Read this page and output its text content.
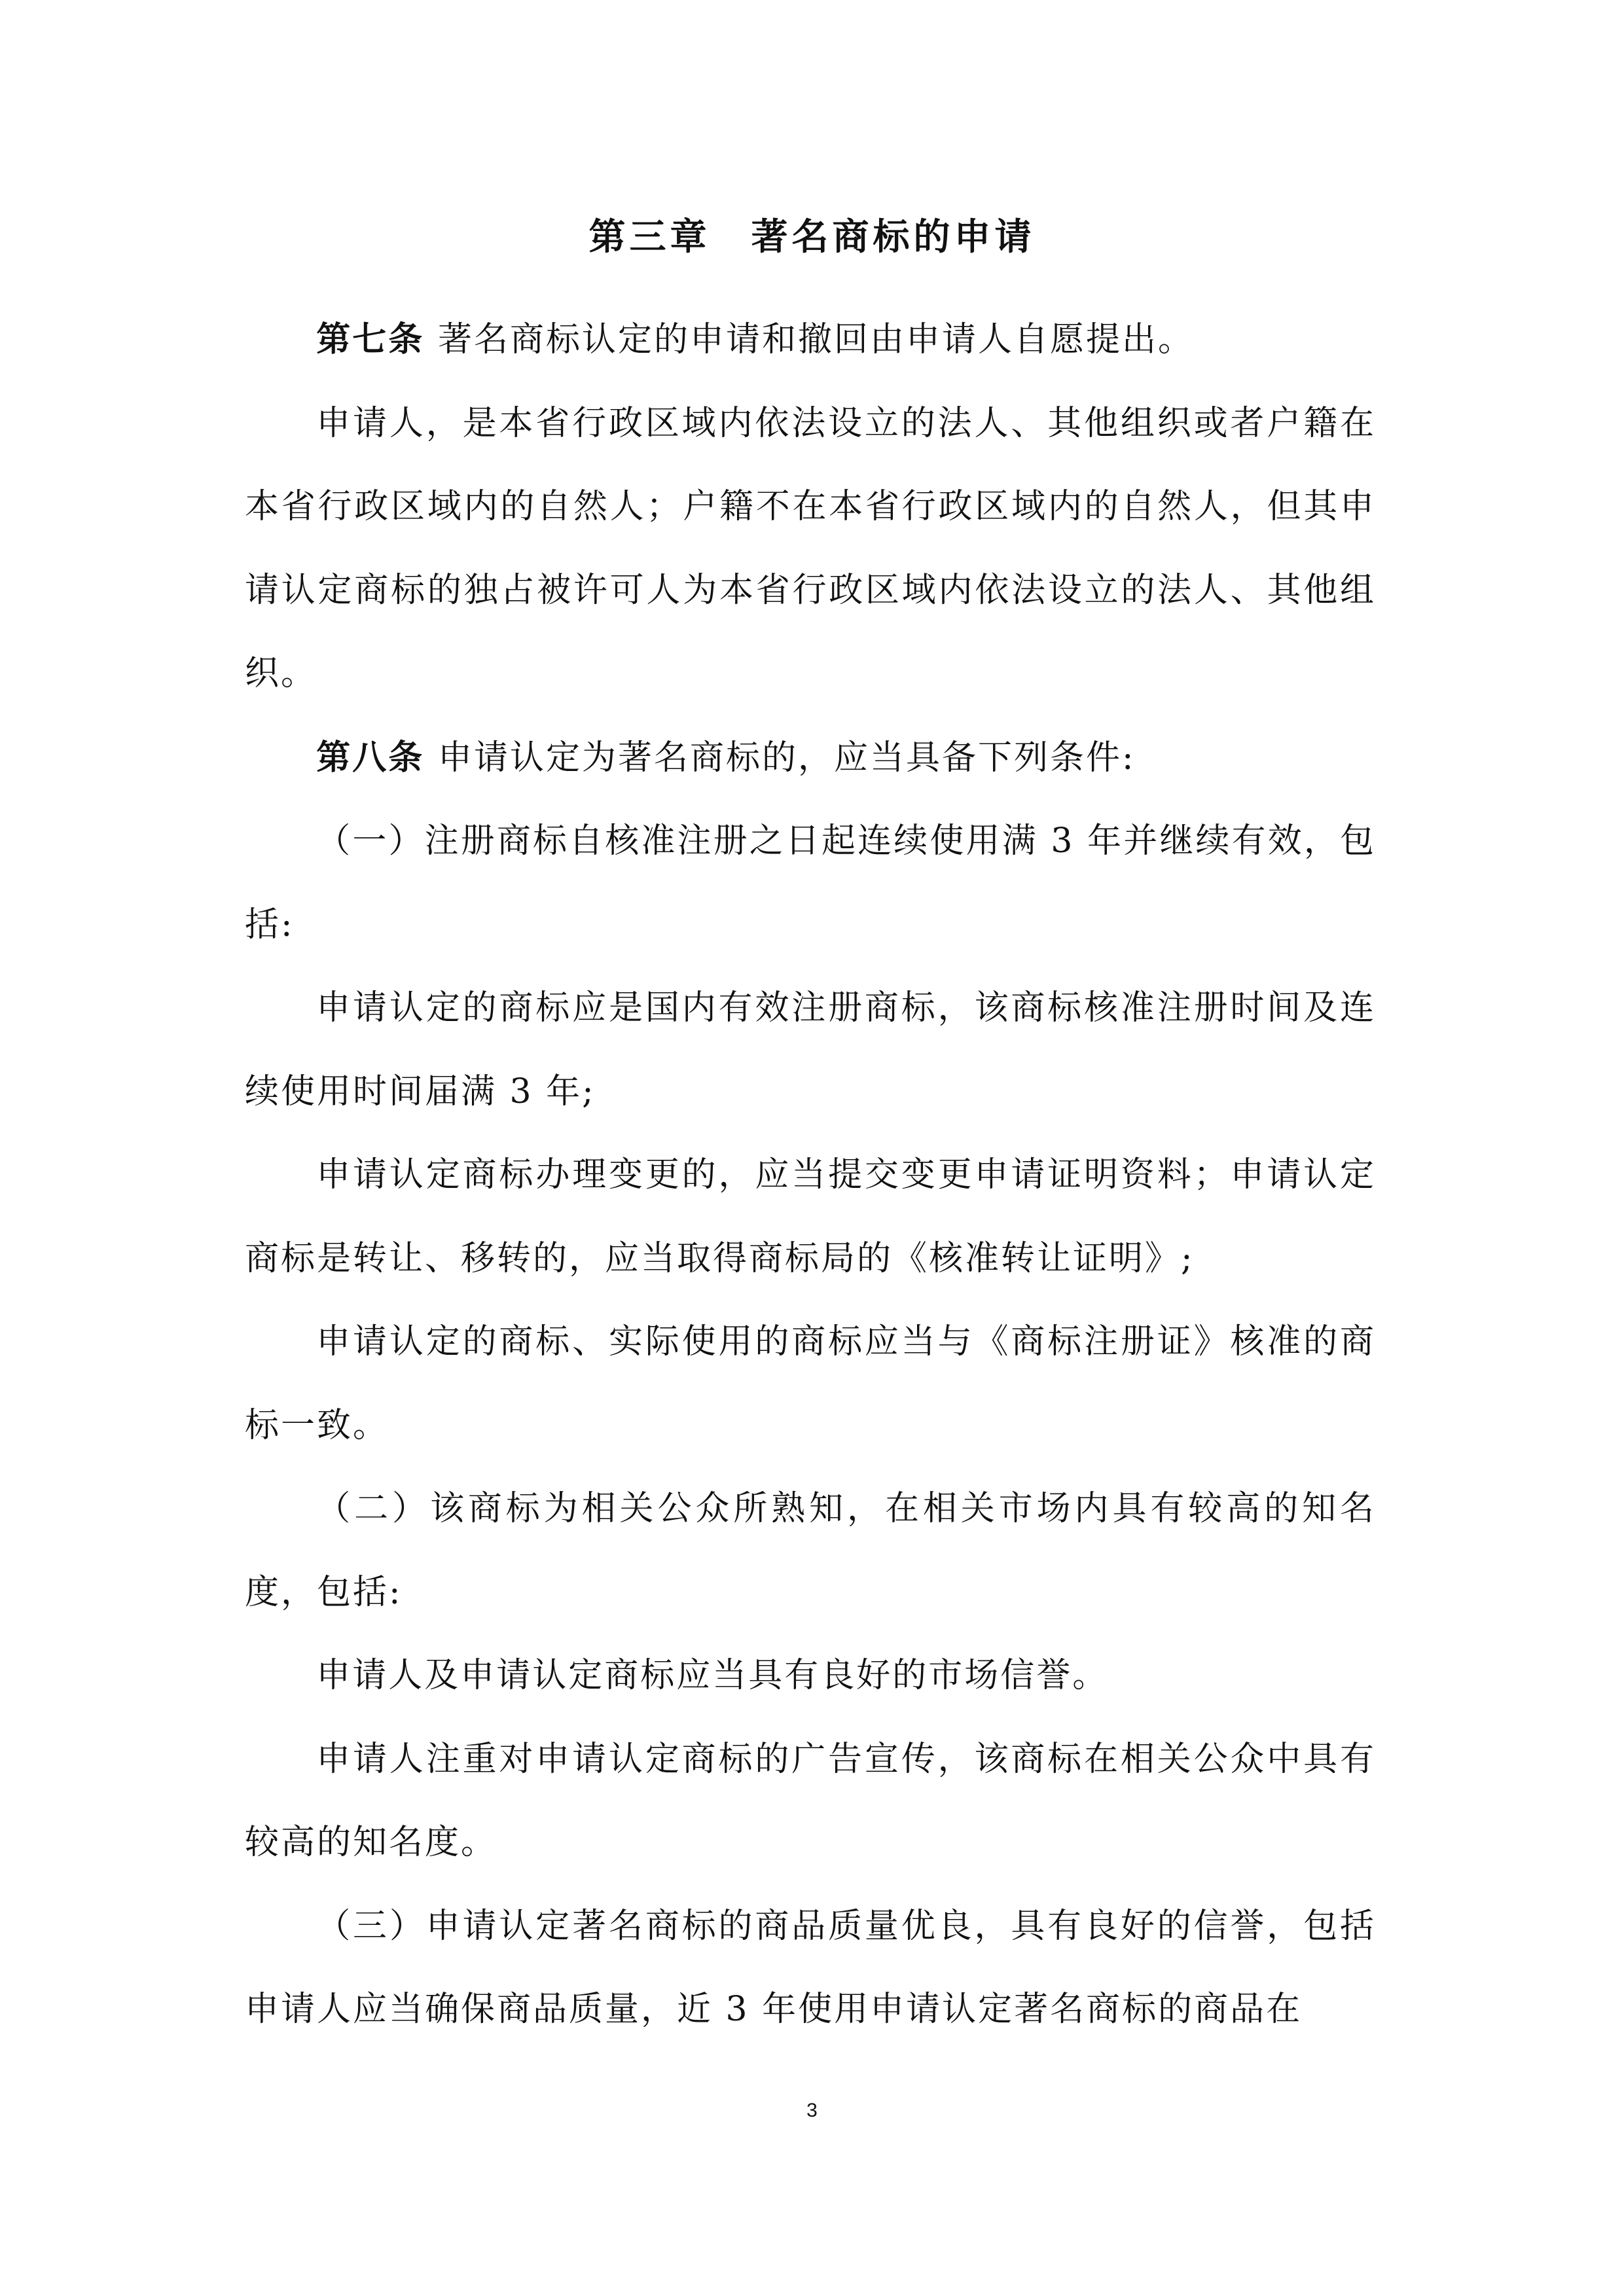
第三章　著名商标的申请

第七条 著名商标认定的申请和撤回由申请人自愿提出。

申请人，是本省行政区域内依法设立的法人、其他组织或者户籍在本省行政区域内的自然人；户籍不在本省行政区域内的自然人，但其申请认定商标的独占被许可人为本省行政区域内依法设立的法人、其他组织。

第八条 申请认定为著名商标的，应当具备下列条件:

（一）注册商标自核准注册之日起连续使用满 3 年并继续有效，包括:

申请认定的商标应是国内有效注册商标，该商标核准注册时间及连续使用时间届满 3 年;

申请认定商标办理变更的，应当提交变更申请证明资料；申请认定商标是转让、移转的，应当取得商标局的《核准转让证明》;

申请认定的商标、实际使用的商标应当与《商标注册证》核准的商标一致。

（二）该商标为相关公众所熟知，在相关市场内具有较高的知名度，包括:

申请人及申请认定商标应当具有良好的市场信誉。

申请人注重对申请认定商标的广告宣传，该商标在相关公众中具有较高的知名度。

（三）申请认定著名商标的商品质量优良，具有良好的信誉，包括申请人应当确保商品质量，近 3 年使用申请认定著名商标的商品在

3
